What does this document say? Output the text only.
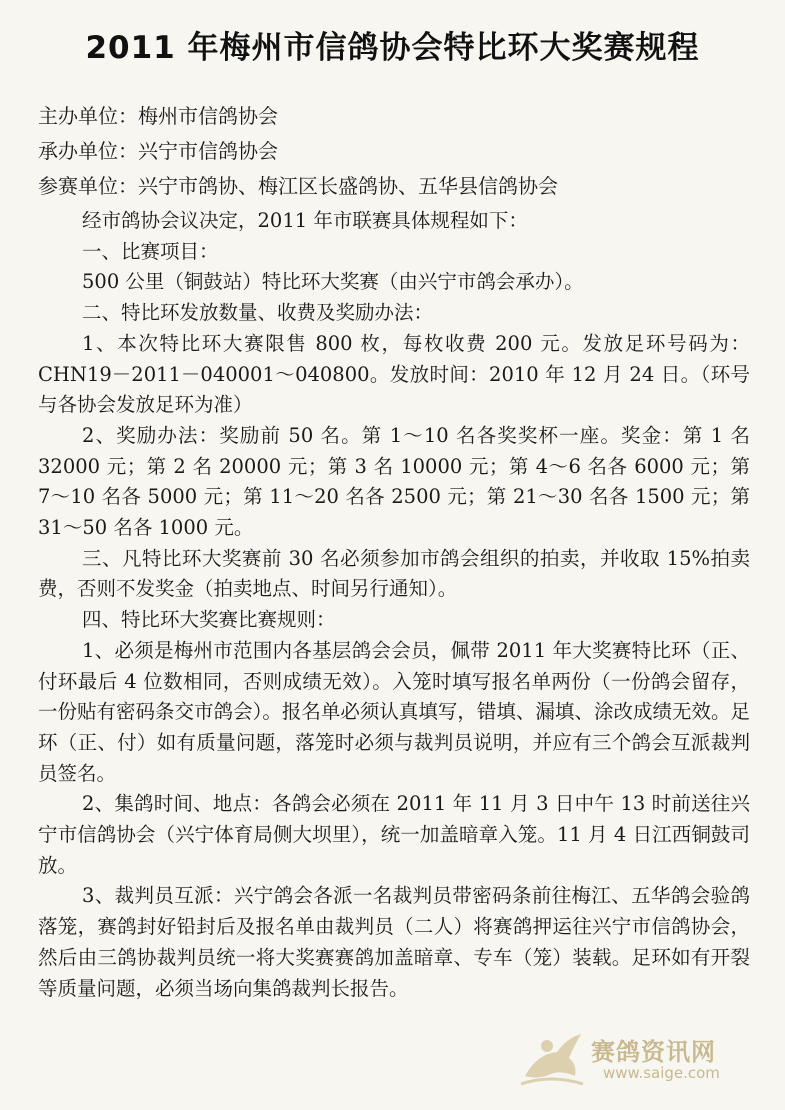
2011 年梅州市信鸽协会特比环大奖赛规程
主办单位：梅州市信鸽协会
承办单位：兴宁市信鸽协会
参赛单位：兴宁市鸽协、梅江区长盛鸽协、五华县信鸽协会

经市鸽协会议决定，2011 年市联赛具体规程如下：

一、比赛项目：

500 公里（铜鼓站）特比环大奖赛（由兴宁市鸽会承办）。

二、特比环发放数量、收费及奖励办法：

1、本次特比环大赛限售 800 枚，每枚收费 200 元。发放足环号码为：CHN19－2011－040001～040800。发放时间：2010 年 12 月 24 日。（环号与各协会发放足环为准）

2、奖励办法：奖励前 50 名。第 1～10 名各奖奖杯一座。奖金：第 1 名 32000 元；第 2 名 20000 元；第 3 名 10000 元；第 4～6 名各 6000 元；第 7～10 名各 5000 元；第 11～20 名各 2500 元；第 21～30 名各 1500 元；第 31～50 名各 1000 元。

三、凡特比环大奖赛前 30 名必须参加市鸽会组织的拍卖，并收取 15%拍卖费，否则不发奖金（拍卖地点、时间另行通知）。

四、特比环大奖赛比赛规则：

1、必须是梅州市范围内各基层鸽会会员，佩带 2011 年大奖赛特比环（正、付环最后 4 位数相同，否则成绩无效）。入笼时填写报名单两份（一份鸽会留存，一份贴有密码条交市鸽会）。报名单必须认真填写，错填、漏填、涂改成绩无效。足环（正、付）如有质量问题，落笼时必须与裁判员说明，并应有三个鸽会互派裁判员签名。

2、集鸽时间、地点：各鸽会必须在 2011 年 11 月 3 日中午 13 时前送往兴宁市信鸽协会（兴宁体育局侧大坝里），统一加盖暗章入笼。11 月 4 日江西铜鼓司放。

3、裁判员互派：兴宁鸽会各派一名裁判员带密码条前往梅江、五华鸽会验鸽落笼，赛鸽封好铅封后及报名单由裁判员（二人）将赛鸽押运往兴宁市信鸽协会，然后由三鸽协裁判员统一将大奖赛赛鸽加盖暗章、专车（笼）装载。足环如有开裂等质量问题，必须当场向集鸽裁判长报告。

赛鸽资讯网
www.saige.com
